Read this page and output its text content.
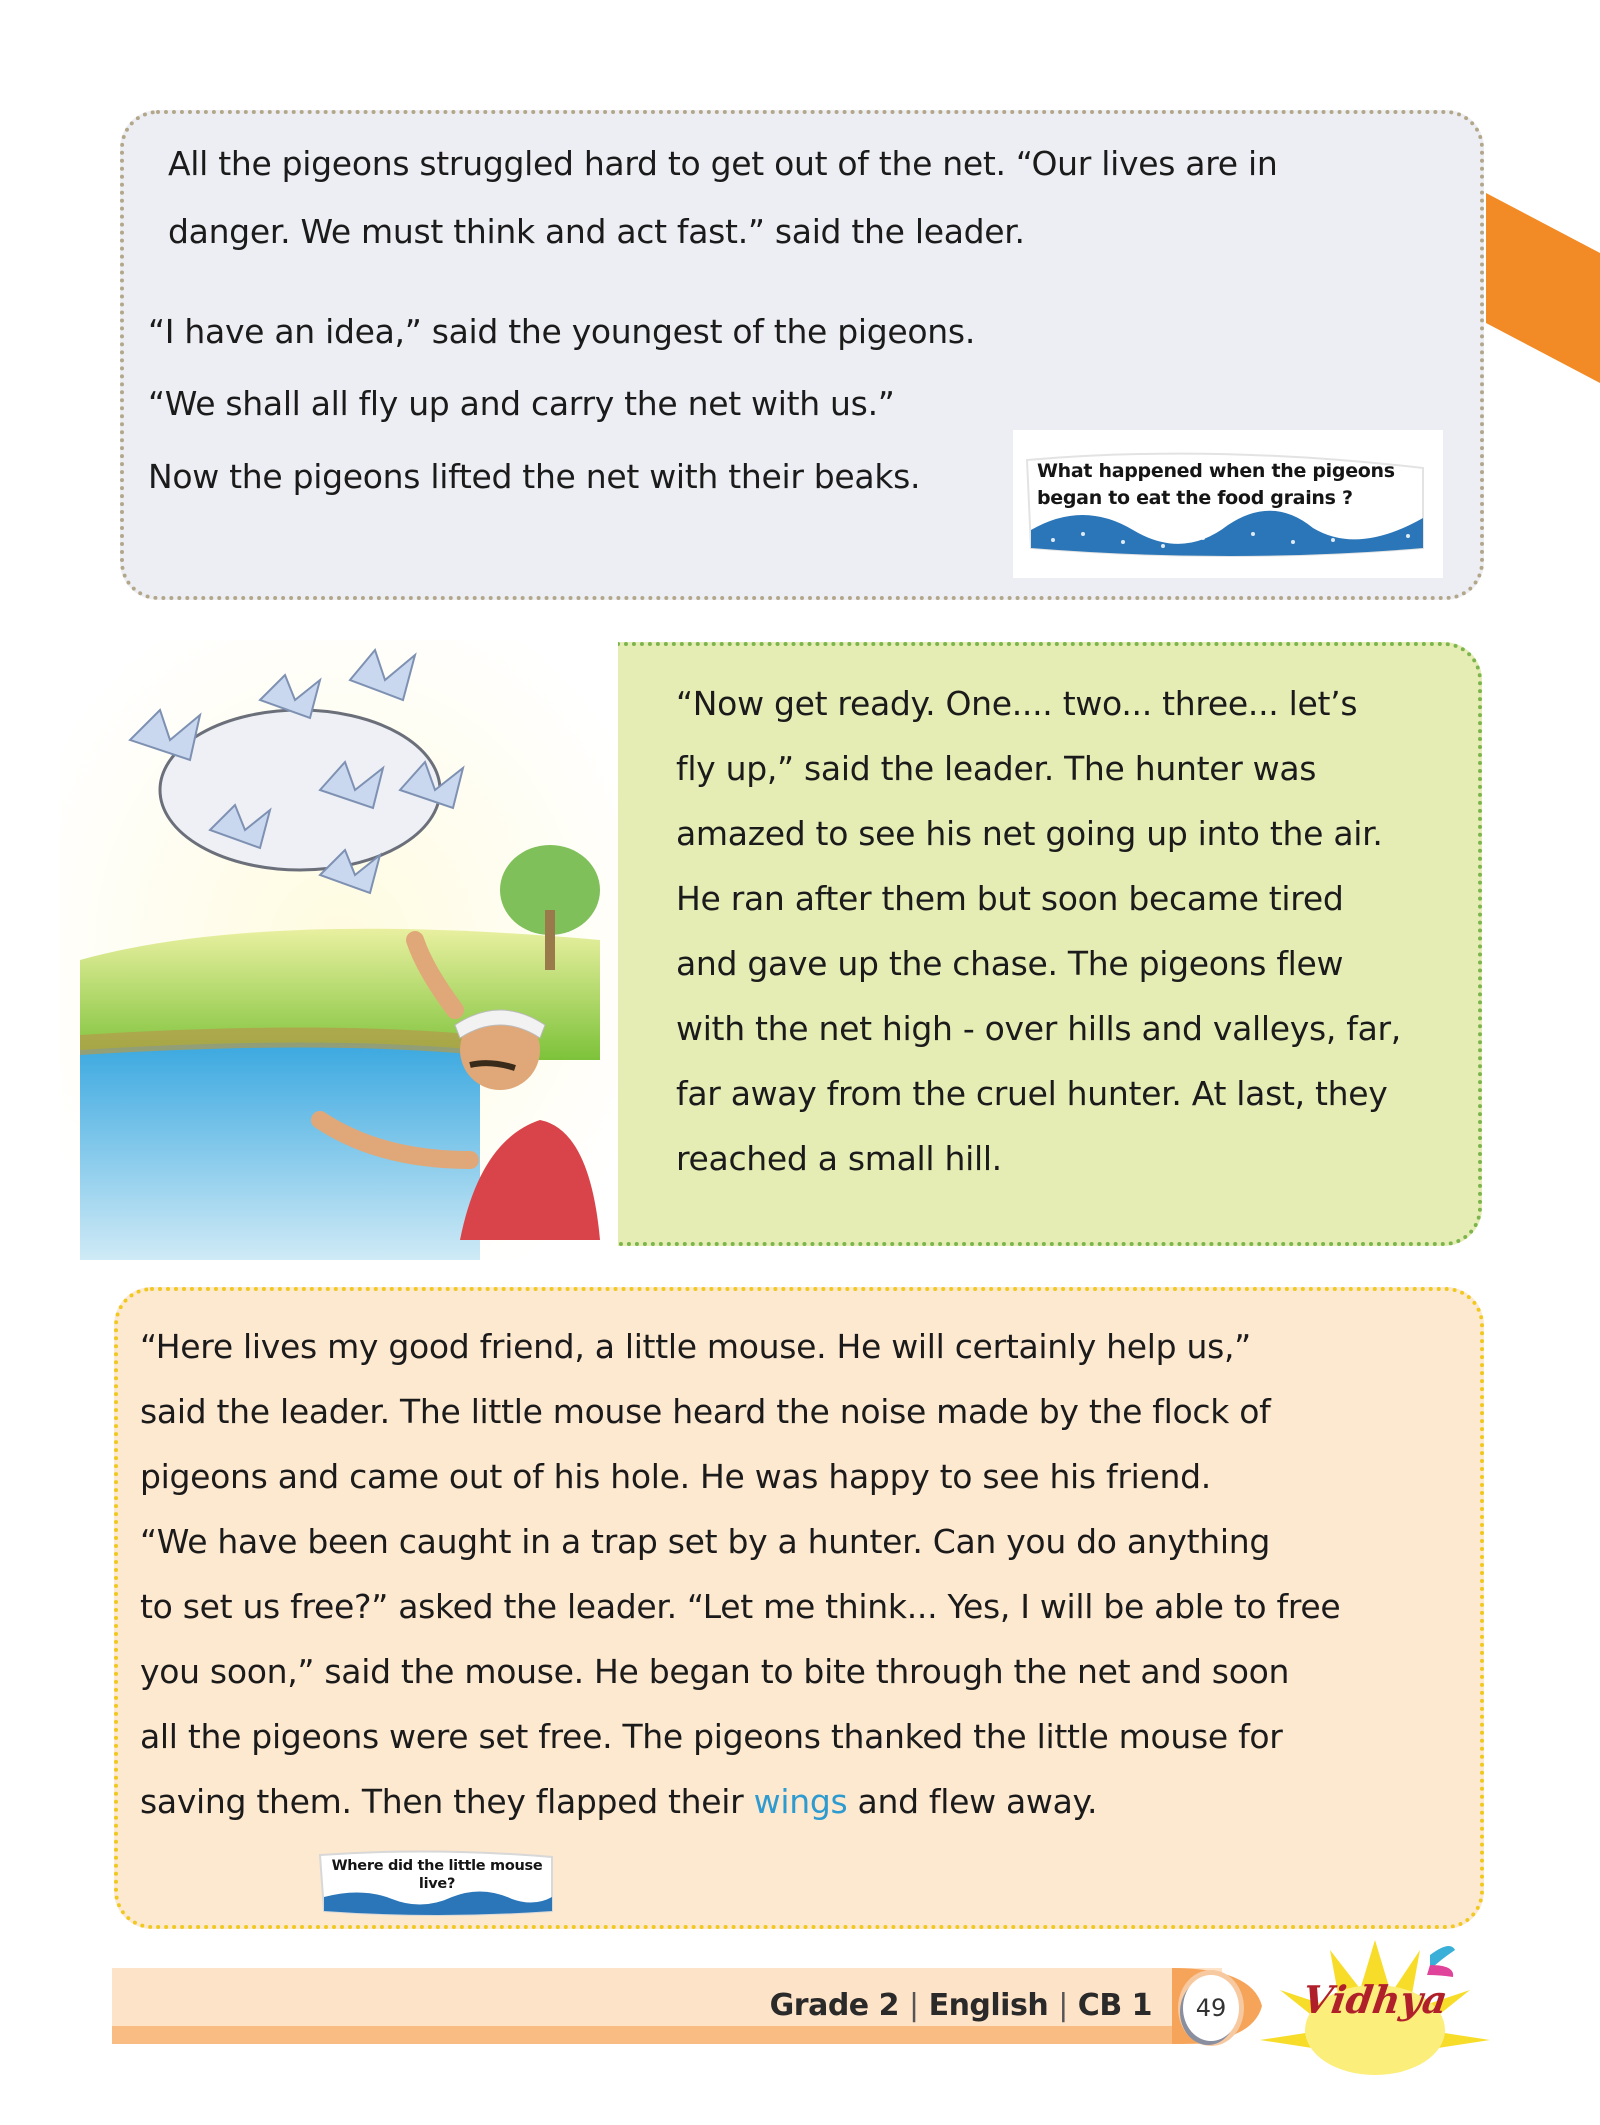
All the pigeons struggled hard to get out of the net. “Our lives are in
danger. We must think and act fast.” said the leader.
“I have an idea,” said the youngest of the pigeons.
“We shall all fly up and carry the net with us.”
Now the pigeons lifted the net with their beaks.	What happened when the pigeons
began to eat the food grains ?
“Now get ready. One.... two... three... let’s
fly up,” said the leader. The hunter was
amazed to see his net going up into the air.
He ran after them but soon became tired
and gave up the chase. The pigeons flew
with the net high - over hills and valleys, far,
far away from the cruel hunter. At last, they
reached a small hill.
“Here lives my good friend, a little mouse. He will certainly help us,”
said the leader. The little mouse heard the noise made by the flock of
pigeons and came out of his hole. He was happy to see his friend.
“We have been caught in a trap set by a hunter. Can you do anything
to set us free?” asked the leader. “Let me think... Yes, I will be able to free
you soon,” said the mouse. He began to bite through the net and soon
all the pigeons were set free. The pigeons thanked the little mouse for
saving them. Then they flapped their wings and flew away.
Where did the little mouse
live?
Grade 2 | English | CB 1	49	Vidhya
